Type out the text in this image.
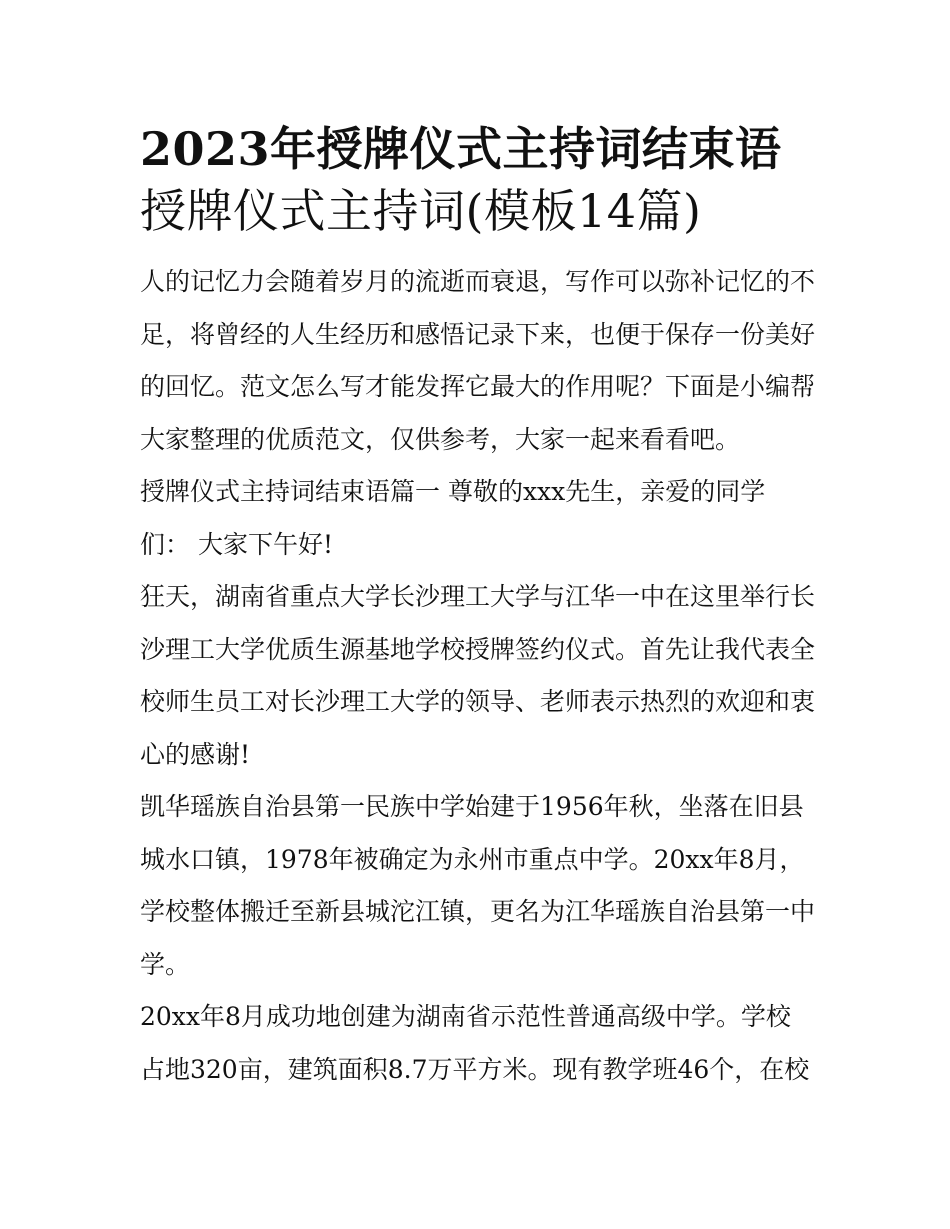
2023年授牌仪式主持词结束语
授牌仪式主持词(模板14篇)
人的记忆力会随着岁月的流逝而衰退，写作可以弥补记忆的不
足，将曾经的人生经历和感悟记录下来，也便于保存一份美好
的回忆。范文怎么写才能发挥它最大的作用呢？下面是小编帮
大家整理的优质范文，仅供参考，大家一起来看看吧。
授牌仪式主持词结束语篇一 尊敬的xxx先生，亲爱的同学
们： 大家下午好!
狂天，湖南省重点大学长沙理工大学与江华一中在这里举行长
沙理工大学优质生源基地学校授牌签约仪式。首先让我代表全
校师生员工对长沙理工大学的领导、老师表示热烈的欢迎和衷
心的感谢!
凯华瑶族自治县第一民族中学始建于1956年秋，坐落在旧县
城水口镇，1978年被确定为永州市重点中学。20xx年8月，
学校整体搬迁至新县城沱江镇，更名为江华瑶族自治县第一中
学。
20xx年8月成功地创建为湖南省示范性普通高级中学。学校
占地320亩，建筑面积8.7万平方米。现有教学班46个，在校
